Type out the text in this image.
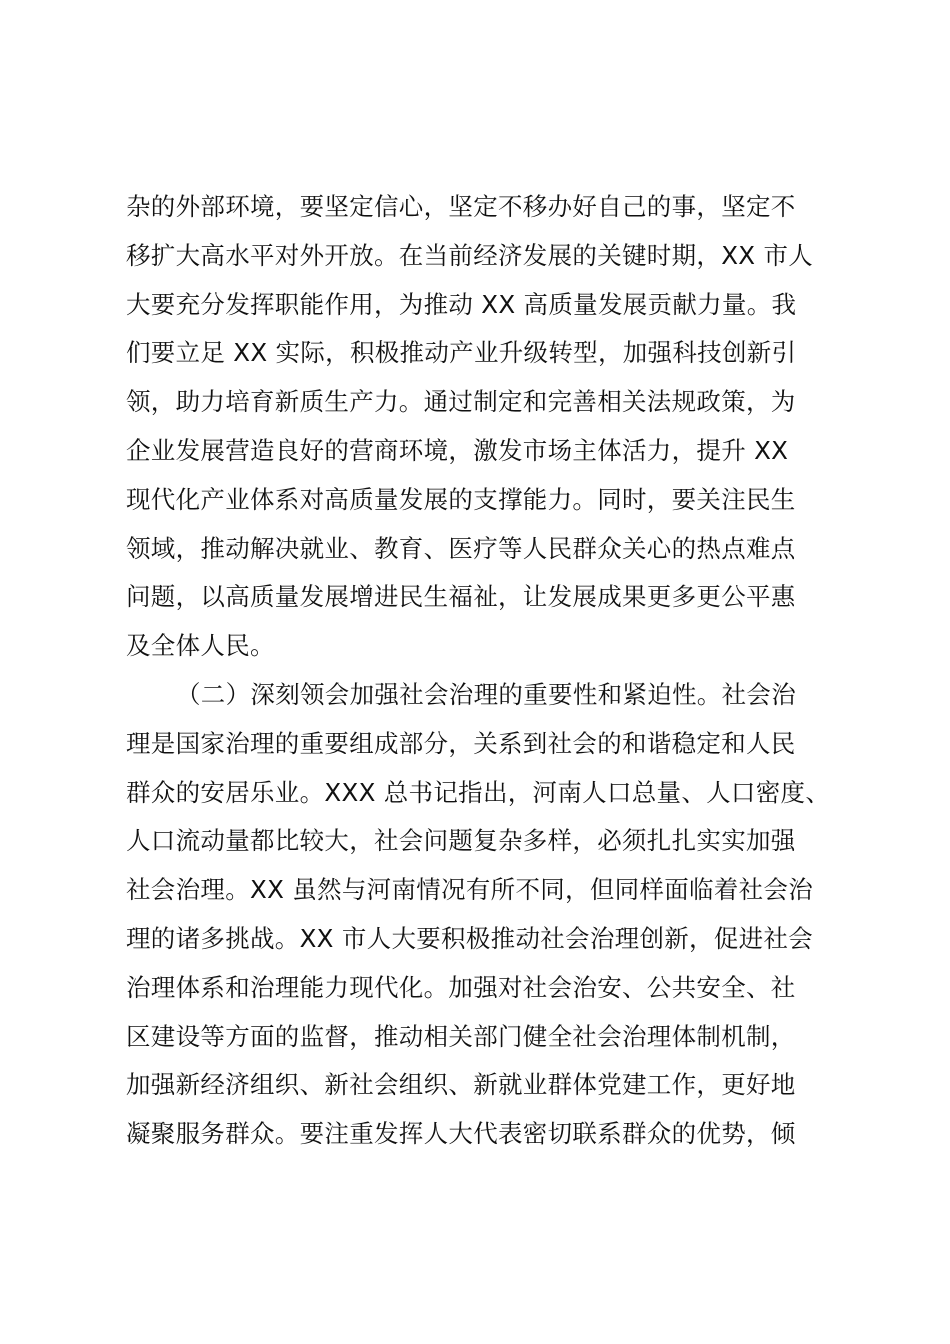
杂的外部环境，要坚定信心，坚定不移办好自己的事，坚定不
移扩大高水平对外开放。在当前经济发展的关键时期，XX 市人
大要充分发挥职能作用，为推动 XX 高质量发展贡献力量。我
们要立足 XX 实际，积极推动产业升级转型，加强科技创新引
领，助力培育新质生产力。通过制定和完善相关法规政策，为
企业发展营造良好的营商环境，激发市场主体活力，提升 XX
现代化产业体系对高质量发展的支撑能力。同时，要关注民生
领域，推动解决就业、教育、医疗等人民群众关心的热点难点
问题，以高质量发展增进民生福祉，让发展成果更多更公平惠
及全体人民。
（二）深刻领会加强社会治理的重要性和紧迫性。社会治
理是国家治理的重要组成部分，关系到社会的和谐稳定和人民
群众的安居乐业。XXX 总书记指出，河南人口总量、人口密度、
人口流动量都比较大，社会问题复杂多样，必须扎扎实实加强
社会治理。XX 虽然与河南情况有所不同，但同样面临着社会治
理的诸多挑战。XX 市人大要积极推动社会治理创新，促进社会
治理体系和治理能力现代化。加强对社会治安、公共安全、社
区建设等方面的监督，推动相关部门健全社会治理体制机制，
加强新经济组织、新社会组织、新就业群体党建工作，更好地
凝聚服务群众。要注重发挥人大代表密切联系群众的优势，倾
